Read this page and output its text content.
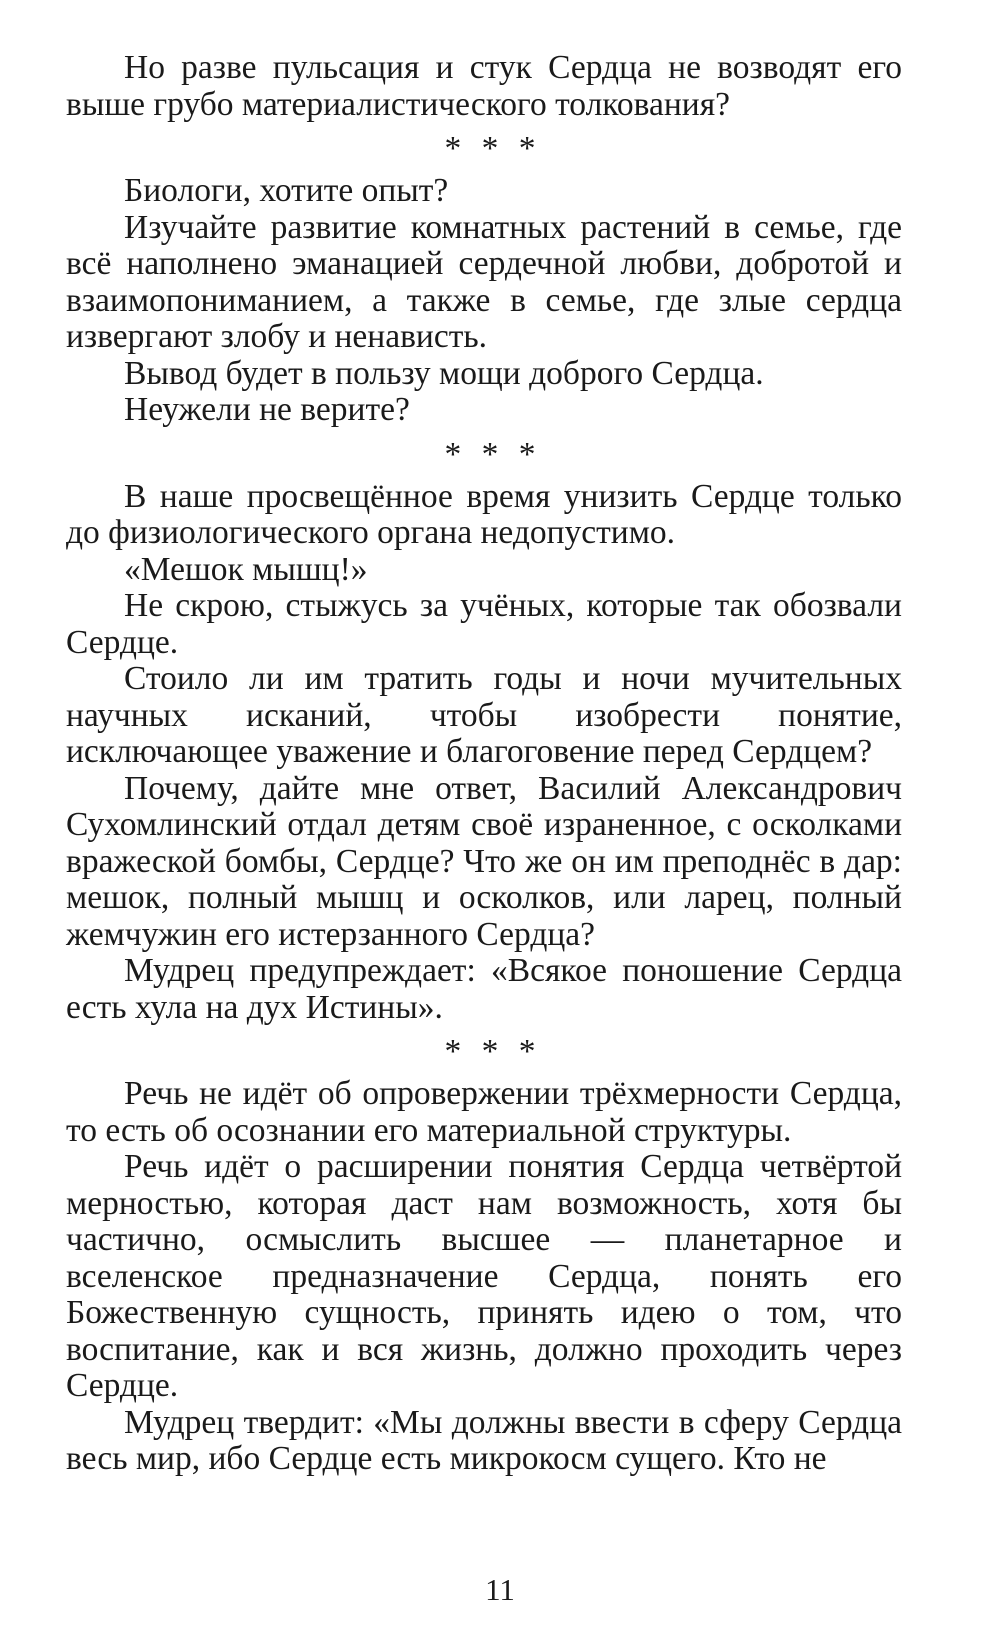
Но разве пульсация и стук Сердца не возводят его выше грубо материалистического толкования?

* * *

Биологи, хотите опыт?

Изучайте развитие комнатных растений в семье, где всё наполнено эманацией сердечной любви, добротой и взаимопониманием, а также в семье, где злые сердца извергают злобу и ненависть.

Вывод будет в пользу мощи доброго Сердца.

Неужели не верите?

* * *

В наше просвещённое время унизить Сердце только до физиологического органа недопустимо.

«Мешок мышц!»

Не скрою, стыжусь за учёных, которые так обозвали Сердце.

Стоило ли им тратить годы и ночи мучительных научных исканий, чтобы изобрести понятие, исключающее уважение и благоговение перед Сердцем?

Почему, дайте мне ответ, Василий Александрович Сухомлинский отдал детям своё израненное, с осколками вражеской бомбы, Сердце? Что же он им преподнёс в дар: мешок, полный мышц и осколков, или ларец, полный жемчужин его истерзанного Сердца?

Мудрец предупреждает: «Всякое поношение Сердца есть хула на дух Истины».

* * *

Речь не идёт об опровержении трёхмерности Сердца, то есть об осознании его материальной структуры.

Речь идёт о расширении понятия Сердца четвёртой мерностью, которая даст нам возможность, хотя бы частично, осмыслить высшее — планетарное и вселенское предназначение Сердца, понять его Божественную сущность, принять идею о том, что воспитание, как и вся жизнь, должно проходить через Сердце.

Мудрец твердит: «Мы должны ввести в сферу Сердца весь мир, ибо Сердце есть микрокосм сущего. Кто не

11
